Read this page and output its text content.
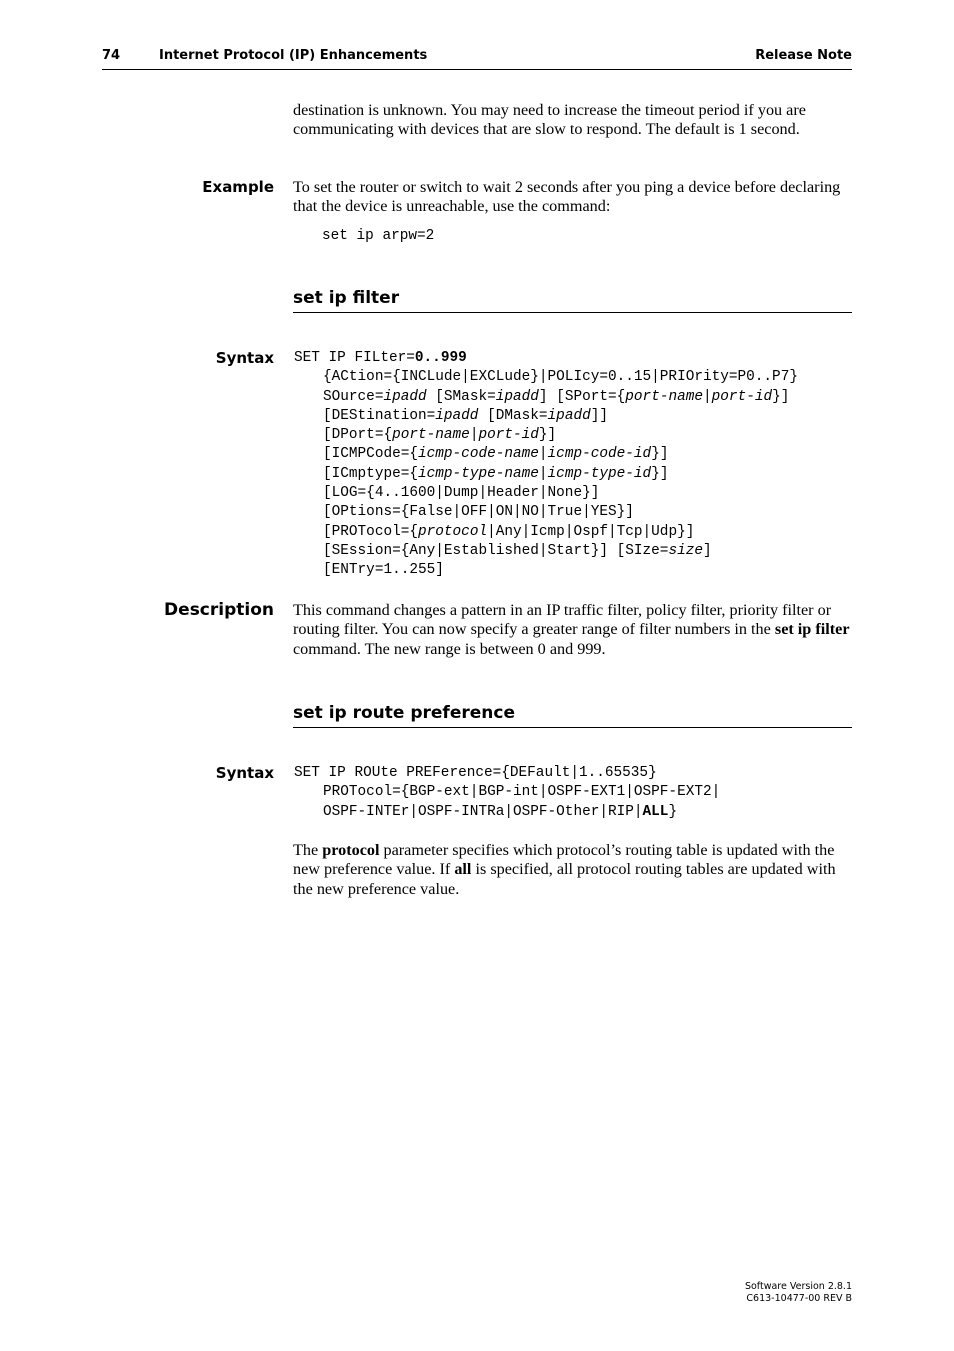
74	Internet Protocol (IP) Enhancements	Release Note
destination is unknown. You may need to increase the timeout period if you are communicating with devices that are slow to respond. The default is 1 second.
Example To set the router or switch to wait 2 seconds after you ping a device before declaring that the device is unreachable, use the command:
set ip arpw=2
set ip filter
Syntax SET IP FILter=0..999

{ACtion={INCLude|EXCLude}|POLIcy=0..15|PRIOrity=P0..P7}
SOurce=ipadd [SMask=ipadd] [SPort={port-name|port-id}]
[DEStination=ipadd [DMask=ipadd]]
[DPort={port-name|port-id}]
[ICMPCode={icmp-code-name|icmp-code-id}]
[ICmptype={icmp-type-name|icmp-type-id}]
[LOG={4..1600|Dump|Header|None}]
[OPtions={False|OFF|ON|NO|True|YES}]
[PROTocol={protocol|Any|Icmp|Ospf|Tcp|Udp}]
[SEssion={Any|Established|Start}] [SIze=size]
[ENTry=1..255]
Description This command changes a pattern in an IP traffic filter, policy filter, priority filter or routing filter. You can now specify a greater range of filter numbers in the set ip filter command. The new range is between 0 and 999.
set ip route preference
Syntax SET IP ROUte PREFerence={DEFault|1..65535}

PROTocol={BGP-ext|BGP-int|OSPF-EXT1|OSPF-EXT2|
OSPF-INTEr|OSPF-INTRa|OSPF-Other|RIP|ALL}
The protocol parameter specifies which protocol’s routing table is updated with the new preference value. If all is specified, all protocol routing tables are updated with the new preference value.
Software Version 2.8.1
C613-10477-00 REV B
